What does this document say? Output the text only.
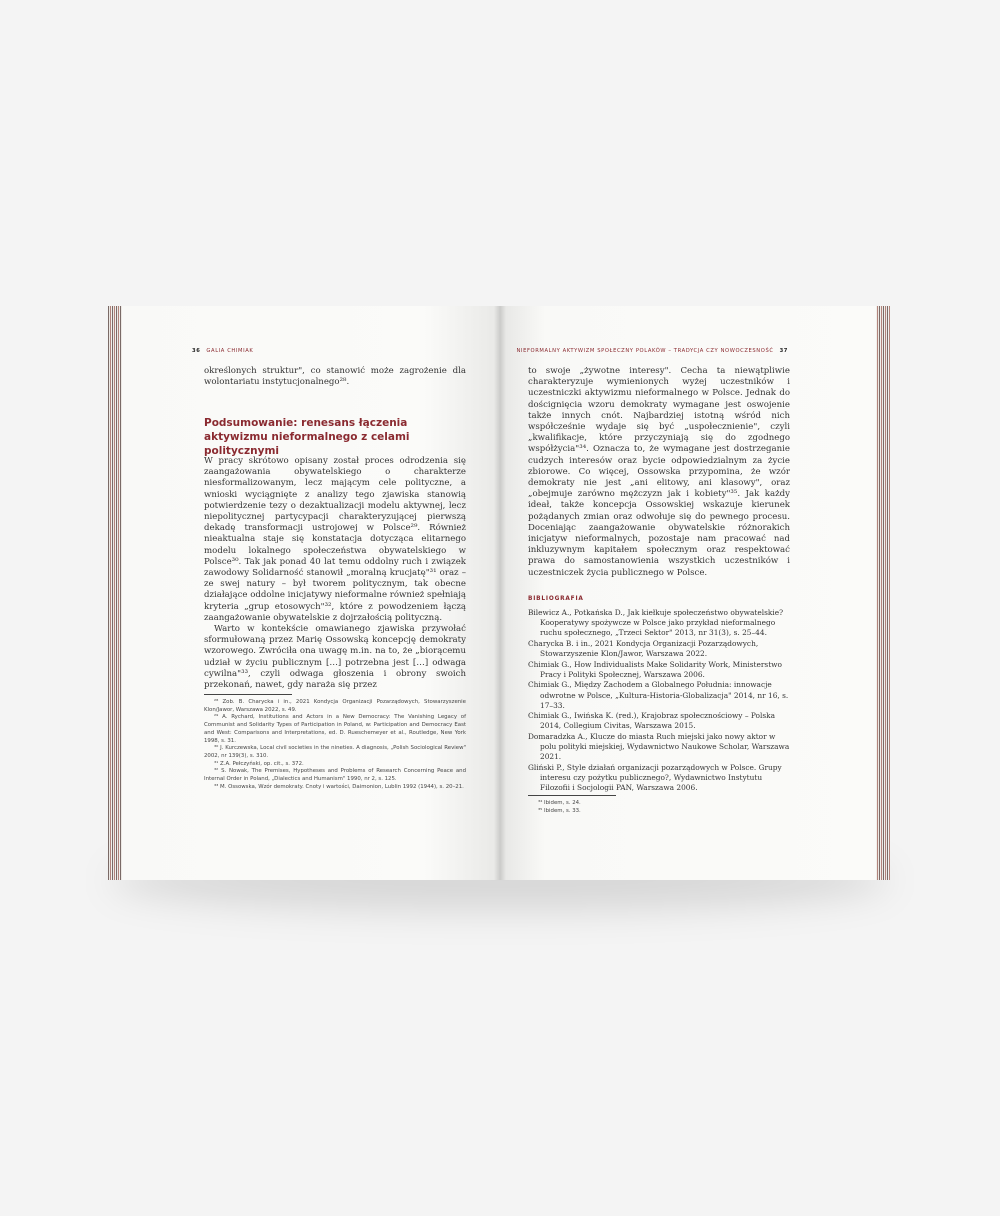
36 GALIA CHIMIAK

określonych struktur", co stanowić może zagrożenie dla wolontariatu instytucjonalnego²⁸.

Podsumowanie: renesans łączenia aktywizmu nieformalnego z celami politycznymi

W pracy skrótowo opisany został proces odrodzenia się zaangażowania obywatelskiego o charakterze niesformalizowanym, lecz mającym cele polityczne, a wnioski wyciągnięte z analizy tego zjawiska stanowią potwierdzenie tezy o dezaktualizacji modelu aktywnej, lecz niepolitycznej partycypacji charakteryzującej pierwszą dekadę transformacji ustrojowej w Polsce²⁹. Również nieaktualna staje się konstatacja dotycząca elitarnego modelu lokalnego społeczeństwa obywatelskiego w Polsce³⁰. Tak jak ponad 40 lat temu oddolny ruch i związek zawodowy Solidarność stanowił „moralną krucjatę"³¹ oraz – ze swej natury – był tworem politycznym, tak obecne działające oddolne inicjatywy nieformalne również spełniają kryteria „grup etosowych"³², które z powodzeniem łączą zaangażowanie obywatelskie z dojrzałością polityczną.

Warto w kontekście omawianego zjawiska przywołać sformułowaną przez Marię Ossowską koncepcję demokraty wzorowego. Zwróciła ona uwagę m.in. na to, że „biorącemu udział w życiu publicznym […] potrzebna jest […] odwaga cywilna"³³, czyli odwaga głoszenia i obrony swoich przekonań, nawet, gdy naraża się przez

²⁸ Zob. B. Charycka i in., 2021 Kondycja Organizacji Pozarządowych, Stowarzyszenie Klon/Jawor, Warszawa 2022, s. 49.
²⁹ A. Rychard, Institutions and Actors in a New Democracy: The Vanishing Legacy of Communist and Solidarity Types of Participation in Poland, w: Participation and Democracy East and West: Comparisons and Interpretations, ed. D. Rueschemeyer et al., Routledge, New York 1998, s. 31.
³⁰ J. Kurczewska, Local civil societies in the nineties. A diagnosis, „Polish Sociological Review" 2002, nr 139(3), s. 310.
³¹ Z.A. Pełczyński, op. cit., s. 372.
³² S. Nowak, The Premises, Hypotheses and Problems of Research Concerning Peace and Internal Order in Poland, „Dialectics and Humanism" 1990, nr 2, s. 125.
³³ M. Ossowska, Wzór demokraty. Cnoty i wartości, Daimonion, Lublin 1992 (1944), s. 20–21.
NIEFORMALNY AKTYWIZM SPOŁECZNY POLAKÓW – TRADYCJA CZY NOWOCZESNOŚĆ 37

to swoje „żywotne interesy". Cecha ta niewątpliwie charakteryzuje wymienionych wyżej uczestników i uczestniczki aktywizmu nieformalnego w Polsce. Jednak do doścignięcia wzoru demokraty wymagane jest oswojenie także innych cnót. Najbardziej istotną wśród nich współcześnie wydaje się być „uspołecznienie", czyli „kwalifikacje, które przyczyniają się do zgodnego współżycia"³⁴. Oznacza to, że wymagane jest dostrzeganie cudzych interesów oraz bycie odpowiedzialnym za życie zbiorowe. Co więcej, Ossowska przypomina, że wzór demokraty nie jest „ani elitowy, ani klasowy", oraz „obejmuje zarówno mężczyzn jak i kobiety"³⁵. Jak każdy ideał, także koncepcja Ossowskiej wskazuje kierunek pożądanych zmian oraz odwołuje się do pewnego procesu. Doceniając zaangażowanie obywatelskie różnorakich inicjatyw nieformalnych, pozostaje nam pracować nad inkluzywnym kapitałem społecznym oraz respektować prawa do samostanowienia wszystkich uczestników i uczestniczek życia publicznego w Polsce.

BIBLIOGRAFIA
Bilewicz A., Potkańska D., Jak kiełkuje społeczeństwo obywatelskie? Kooperatywy spożywcze w Polsce jako przykład nieformalnego ruchu społecznego, „Trzeci Sektor" 2013, nr 31(3), s. 25–44.
Charycka B. i in., 2021 Kondycja Organizacji Pozarządowych, Stowarzyszenie Klon/Jawor, Warszawa 2022.
Chimiak G., How Individualists Make Solidarity Work, Ministerstwo Pracy i Polityki Społecznej, Warszawa 2006.
Chimiak G., Między Zachodem a Globalnego Południa: innowacje odwrotne w Polsce, „Kultura-Historia-Globalizacja" 2014, nr 16, s. 17–33.
Chimiak G., Iwińska K. (red.), Krajobraz społecznościowy – Polska 2014, Collegium Civitas, Warszawa 2015.
Domaradzka A., Klucze do miasta Ruch miejski jako nowy aktor w polu polityki miejskiej, Wydawnictwo Naukowe Scholar, Warszawa 2021.
Gliński P., Style działań organizacji pozarządowych w Polsce. Grupy interesu czy pożytku publicznego?, Wydawnictwo Instytutu Filozofii i Socjologii PAN, Warszawa 2006.
³⁴ Ibidem, s. 24.
³⁵ Ibidem, s. 33.
